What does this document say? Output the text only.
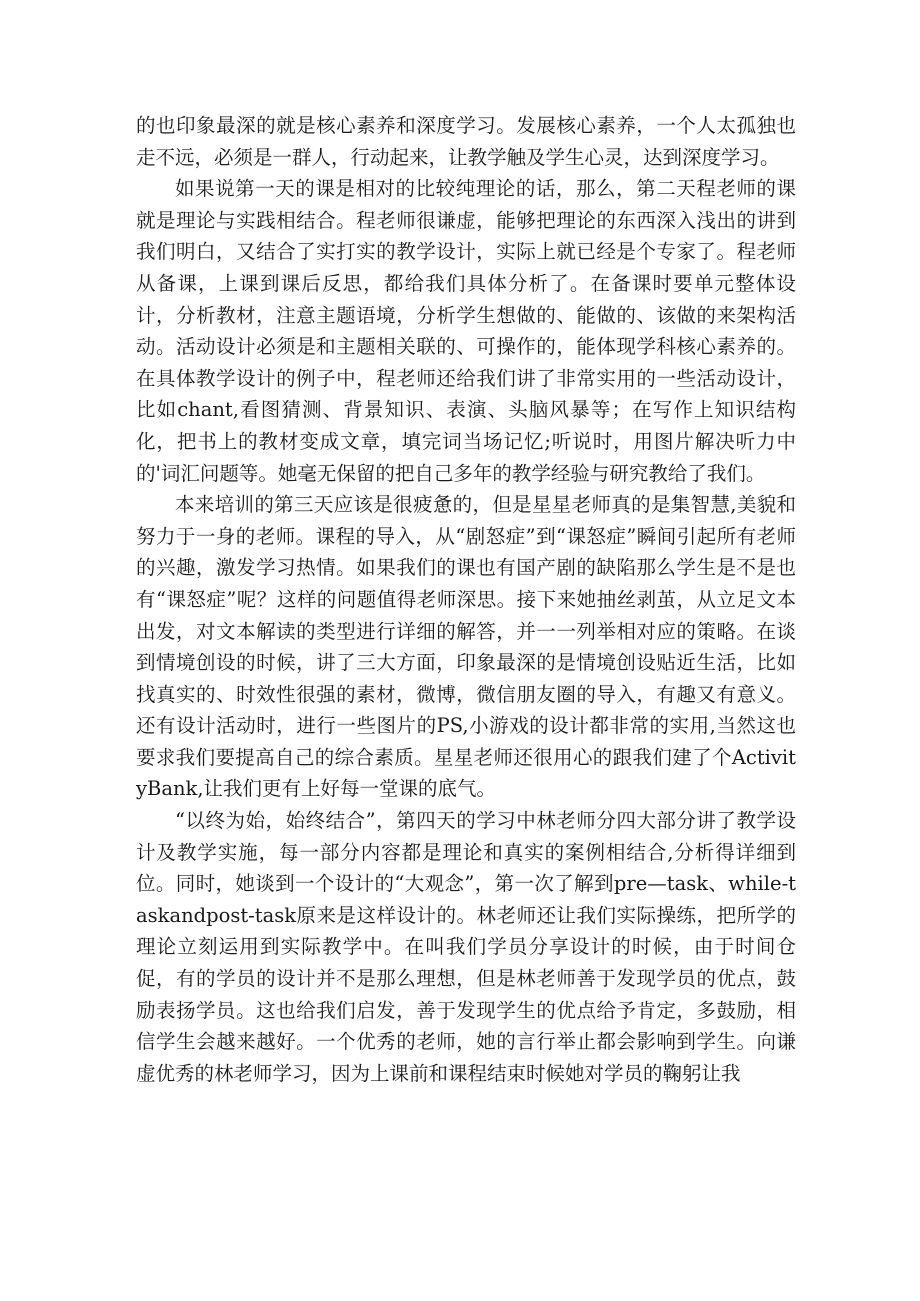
的也印象最深的就是核心素养和深度学习。发展核心素养，一个人太孤独也走不远，必须是一群人，行动起来，让教学触及学生心灵，达到深度学习。

如果说第一天的课是相对的比较纯理论的话，那么，第二天程老师的课就是理论与实践相结合。程老师很谦虚，能够把理论的东西深入浅出的讲到我们明白，又结合了实打实的教学设计，实际上就已经是个专家了。程老师从备课，上课到课后反思，都给我们具体分析了。在备课时要单元整体设计，分析教材，注意主题语境，分析学生想做的、能做的、该做的来架构活动。活动设计必须是和主题相关联的、可操作的，能体现学科核心素养的。在具体教学设计的例子中，程老师还给我们讲了非常实用的一些活动设计，比如chant,看图猜测、背景知识、表演、头脑风暴等；在写作上知识结构化，把书上的教材变成文章，填完词当场记忆;听说时，用图片解决听力中的'词汇问题等。她毫无保留的把自己多年的教学经验与研究教给了我们。

本来培训的第三天应该是很疲惫的，但是星星老师真的是集智慧,美貌和努力于一身的老师。课程的导入，从“剧怒症”到“课怒症”瞬间引起所有老师的兴趣，激发学习热情。如果我们的课也有国产剧的缺陷那么学生是不是也有“课怒症”呢？这样的问题值得老师深思。接下来她抽丝剥茧，从立足文本出发，对文本解读的类型进行详细的解答，并一一列举相对应的策略。在谈到情境创设的时候，讲了三大方面，印象最深的是情境创设贴近生活，比如找真实的、时效性很强的素材，微博，微信朋友圈的导入，有趣又有意义。还有设计活动时，进行一些图片的PS,小游戏的设计都非常的实用,当然这也要求我们要提高自己的综合素质。星星老师还很用心的跟我们建了个ActivityBank,让我们更有上好每一堂课的底气。

“以终为始，始终结合”，第四天的学习中林老师分四大部分讲了教学设计及教学实施，每一部分内容都是理论和真实的案例相结合,分析得详细到位。同时，她谈到一个设计的“大观念”，第一次了解到pre—task、while-taskandpost-task原来是这样设计的。林老师还让我们实际操练，把所学的理论立刻运用到实际教学中。在叫我们学员分享设计的时候，由于时间仓促，有的学员的设计并不是那么理想，但是林老师善于发现学员的优点，鼓励表扬学员。这也给我们启发，善于发现学生的优点给予肯定，多鼓励，相信学生会越来越好。一个优秀的老师，她的言行举止都会影响到学生。向谦虚优秀的林老师学习，因为上课前和课程结束时候她对学员的鞠躬让我
